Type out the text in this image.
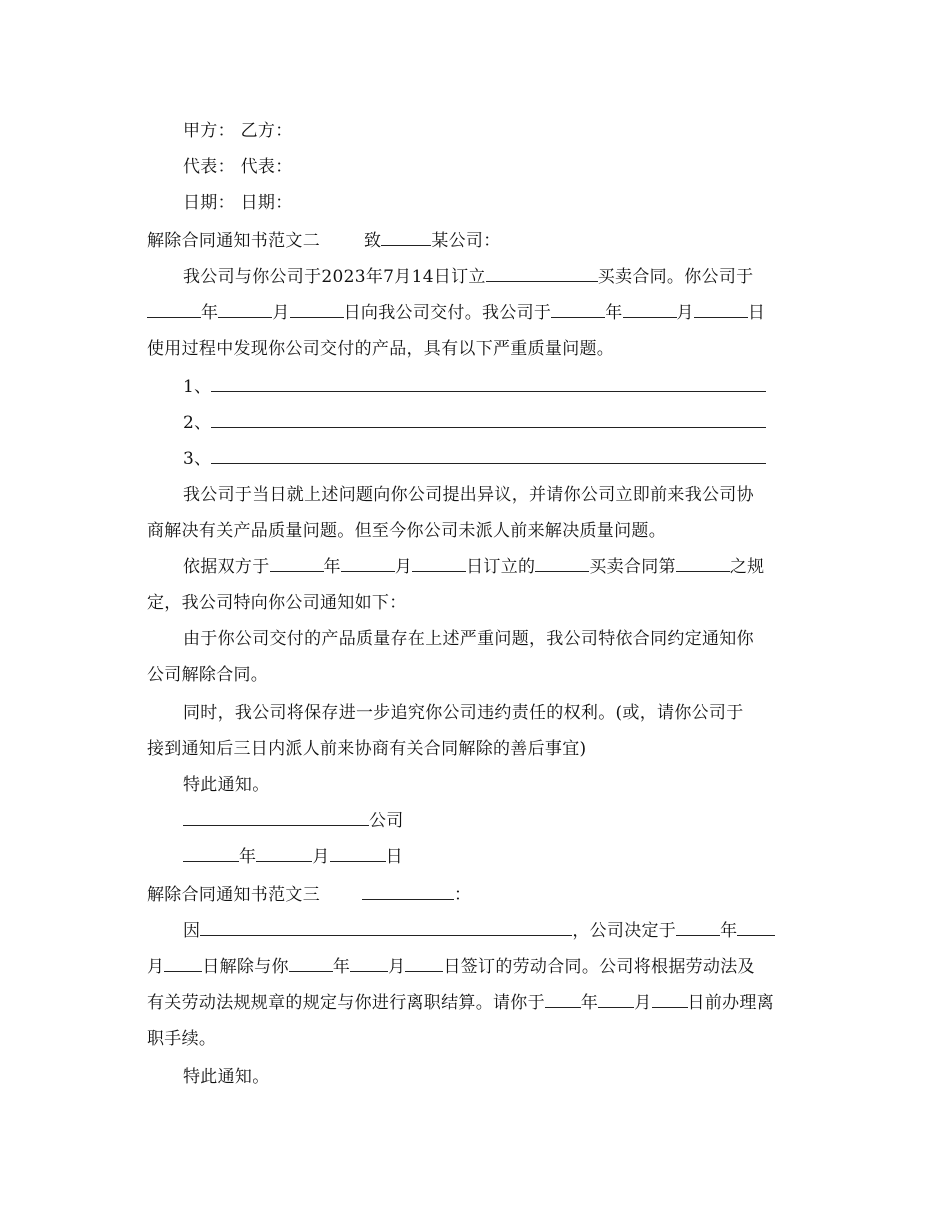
甲方： 乙方：
代表： 代表：
日期： 日期：
解除合同通知书范文二	致	某公司：
我公司与你公司于2023年7月14日订立	买卖合同。你公司于
年	月	日向我公司交付。我公司于	年	月	日
使用过程中发现你公司交付的产品，具有以下严重质量问题。
1、
2、
3、
我公司于当日就上述问题向你公司提出异议，并请你公司立即前来我公司协
商解决有关产品质量问题。但至今你公司未派人前来解决质量问题。
依据双方于	年	月	日订立的	买卖合同第	之规
定，我公司特向你公司通知如下：
由于你公司交付的产品质量存在上述严重问题，我公司特依合同约定通知你
公司解除合同。
同时，我公司将保存进一步追究你公司违约责任的权利。(或，请你公司于
接到通知后三日内派人前来协商有关合同解除的善后事宜)
特此通知。
公司
年	月	日
解除合同通知书范文三	：
因	，公司决定于	年
月 日解除与你	年 月 日签订的劳动合同。公司将根据劳动法及
有关劳动法规规章的规定与你进行离职结算。请你于 年 月 日前办理离
职手续。
特此通知。
